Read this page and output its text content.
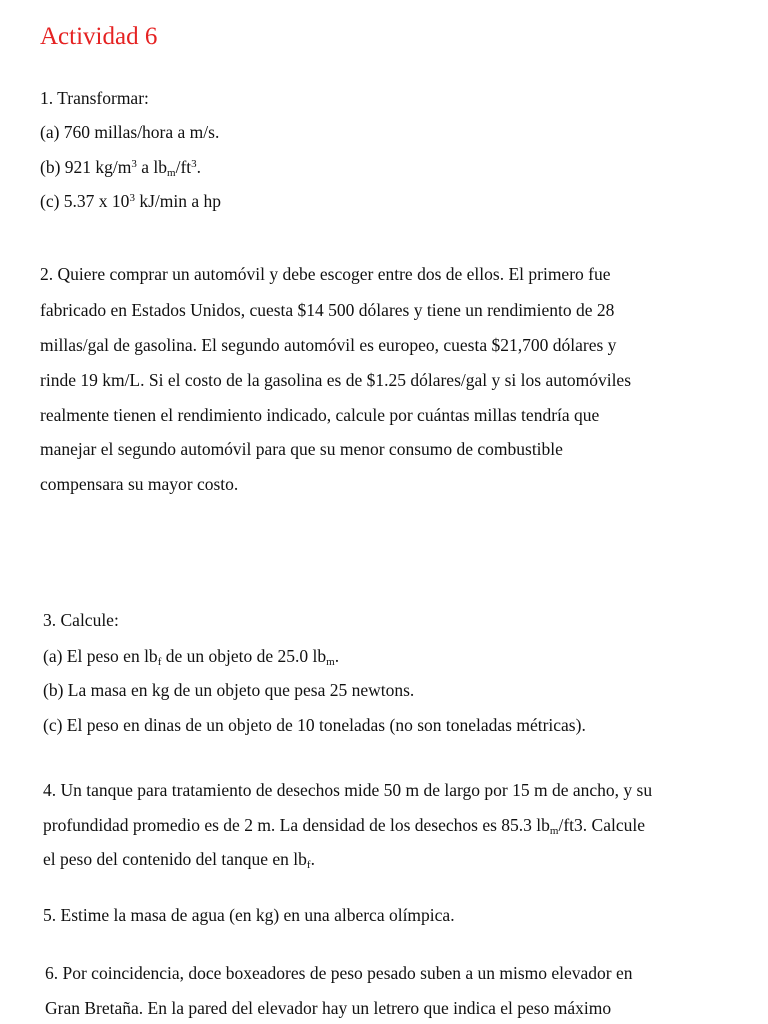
Actividad 6
1. Transformar:
(a) 760 millas/hora a m/s.
(b) 921 $kg/m^3$ a $lb_m/ft^3$.
(c) 5.37 x $10^3$ kJ/min a hp
2. Quiere comprar un automóvil y debe escoger entre dos de ellos. El primero fue
fabricado en Estados Unidos, cuesta $14 500 dólares y tiene un rendimiento de 28
millas/gal de gasolina. El segundo automóvil es europeo, cuesta $21,700 dólares y
rinde 19 km/L. Si el costo de la gasolina es de $1.25 dólares/gal y si los automóviles
realmente tienen el rendimiento indicado, calcule por cuántas millas tendría que
manejar el segundo automóvil para que su menor consumo de combustible
compensara su mayor costo.
3. Calcule:
(a) El peso en $lb_f$ de un objeto de 25.0 $lb_m$.
(b) La masa en kg de un objeto que pesa 25 newtons.
(c) El peso en dinas de un objeto de 10 toneladas (no son toneladas métricas).
4. Un tanque para tratamiento de desechos mide 50 m de largo por 15 m de ancho, y su
profundidad promedio es de 2 m. La densidad de los desechos es 85.3 $lb_m/ft3$. Calcule
el peso del contenido del tanque en $lb_f$.
5. Estime la masa de agua (en kg) en una alberca olímpica.
6. Por coincidencia, doce boxeadores de peso pesado suben a un mismo elevador en
Gran Bretaña. En la pared del elevador hay un letrero que indica el peso máximo
